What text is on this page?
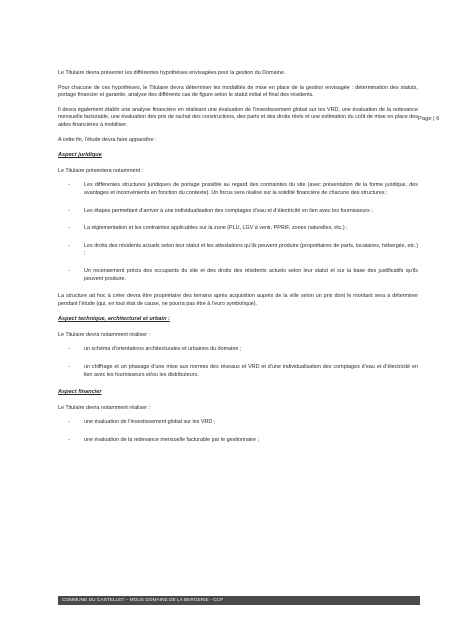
Page | 6

Le Titulaire devra présenter les différentes hypothèses envisagées pour la gestion du Domaine.

Pour chacune de ces hypothèses, le Titulaire devra déterminer les modalités de mise en place de la gestion envisagée : détermination des statuts, portage financier et garantie, analyse des différents cas de figure selon le statut initial et final des résidents.

Il devra également établir une analyse financière en réalisant une évaluation de l’investissement global sur les VRD, une évaluation de la redevance mensuelle facturable, une évaluation des prix de rachat des constructions, des parts et des droits réels et une estimation du coût de mise en place des aides financières à mobiliser.

A cette fin, l’étude devra faire apparaître :

Aspect juridique

Le Titulaire présentera notamment :

-	Les différentes structures juridiques de portage possible au regard des contraintes du site (avec présentation de la forme juridique, des avantages et inconvénients en fonction du contexte). Un focus sera réalisé sur la solidité financière de chacune des structures ;
-	Les étapes permettant d’arriver à une individualisation des comptages d’eau et d’électricité en lien avec les fournisseurs ;
-	La réglementation et les contraintes applicables sur la zone (PLU, LGV à venir, PPRIF, zones naturelles, etc.) ;
-	Les droits des résidents actuels selon leur statut et les attestations qu’ils peuvent produire (propriétaires de parts, locataires, hébergés, etc.) ;
-	Un recensement précis des occupants du site et des droits des résidents actuels selon leur statut et sur la base des justificatifs qu’ils peuvent produire.

La structure ad hoc à créer devra être propriétaire des terrains après acquisition auprès de la ville selon un prix dont le montant sera à déterminer pendant l’étude (qui, en tout état de cause, ne pourra pas être à l’euro symbolique).

Aspect technique, architectural et urbain :

Le Titulaire devra notamment réaliser :

-	un schéma d’orientations architecturales et urbaines du domaine ;
-	un chiffrage et un phasage d’une mise aux normes des réseaux et VRD et d’une individualisation des comptages d’eau et d’électricité en lien avec les fournisseurs et/ou les distributeurs.
Aspect financier

Le Titulaire devra notamment réaliser :

-	une évaluation de l’investissement global sur les VRD ;
-	une évaluation de la redevance mensuelle facturable par le gestionnaire ;
COMMUNE DU CASTELLET – MOUS DOMAINE DE LA BERGERIE - CCP
